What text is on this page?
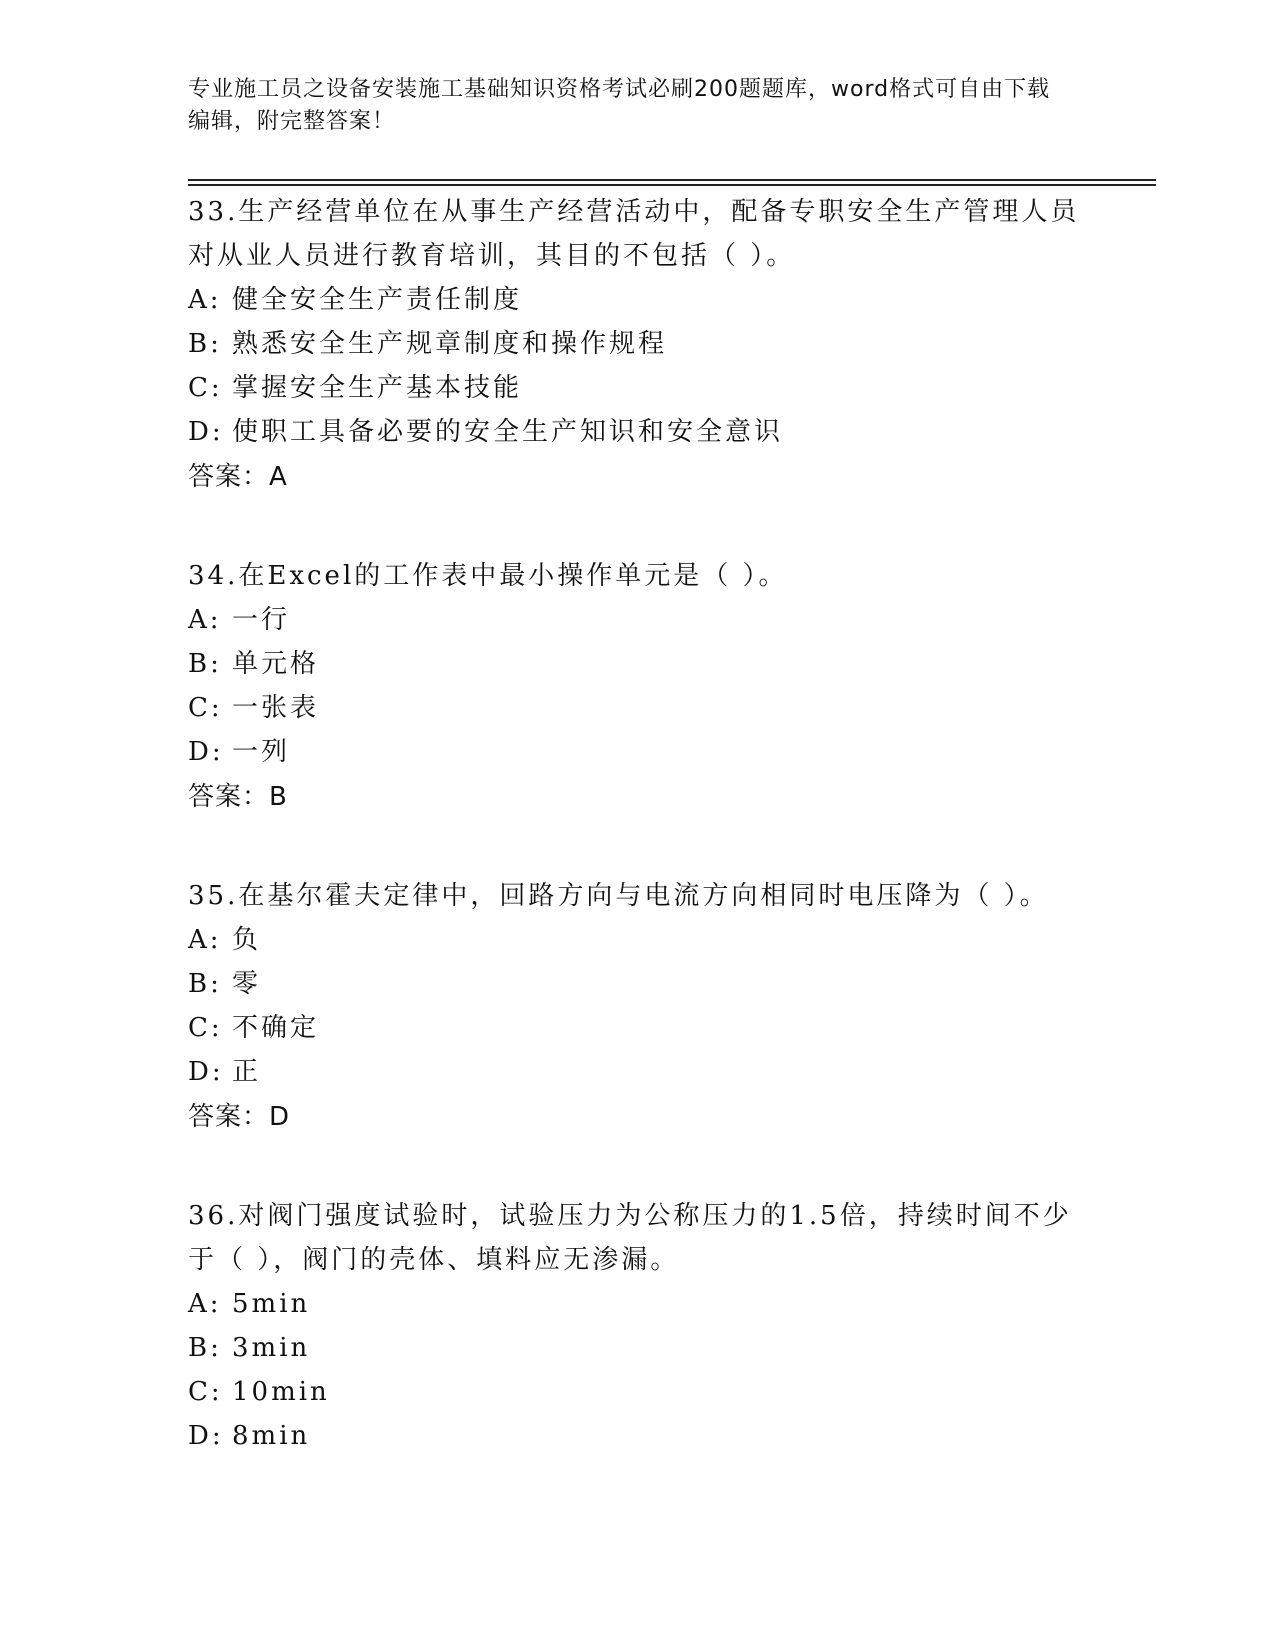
专业施工员之设备安装施工基础知识资格考试必刷200题题库，word格式可自由下载编辑，附完整答案！
33.生产经营单位在从事生产经营活动中，配备专职安全生产管理人员对从业人员进行教育培训，其目的不包括（ ）。
A: 健全安全生产责任制度
B: 熟悉安全生产规章制度和操作规程
C: 掌握安全生产基本技能
D: 使职工具备必要的安全生产知识和安全意识
答案：A
34.在Excel的工作表中最小操作单元是（ ）。
A: 一行
B: 单元格
C: 一张表
D: 一列
答案：B
35.在基尔霍夫定律中，回路方向与电流方向相同时电压降为（ ）。
A: 负
B: 零
C: 不确定
D: 正
答案：D
36.对阀门强度试验时，试验压力为公称压力的1.5倍，持续时间不少于（ ），阀门的壳体、填料应无渗漏。
A: 5min
B: 3min
C: 10min
D: 8min
